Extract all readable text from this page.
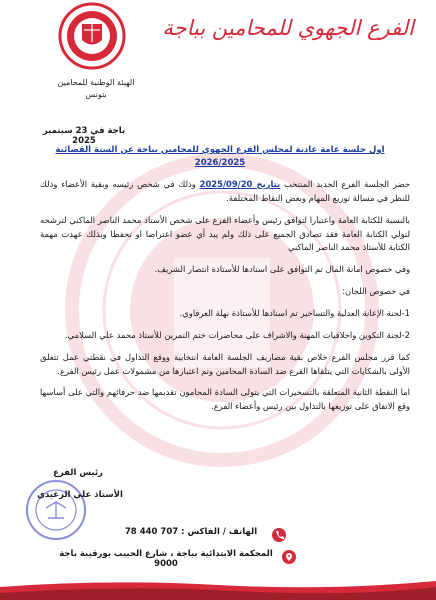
الفرع الجهوي للمحامين بباجة
الهيئة الوطنية للمحامين
بتونس
باجة في 23 سبتمبر 2025
اول جلسة عامة عادية لمجلس الفرع الجهوي للمحامين بباجة عن السنة القضائية 2026/2025

حضر الجلسة الفرع الجديد المنتخب بتاريخ 2025/09/20 وذلك في شخص رئيسه وبقية الأعضاء وذلك للنظر في مسالة توزيع المهام وبعض النقاط المختلفة.

بالنسبة للكتابة العامة واعتبارا لتوافق رئيس وأعضاء الفرع على شخص الأستاذ محمد الناصر الماكني لترشحه لتولي الكتابة العامة فقد تصادق الجميع على ذلك ولم يبد أي عضو اعتراضا او تحفظا وبذلك عهدت مهمة الكتابة للأستاذ محمد الناصر الماكني

وفي خصوص امانة المال تم التوافق على اسنادها للأستاذة انتصار الشريف.

في خصوص اللجان:

1-لجنة الإعانة العدلية والتساخير تم اسنادها للأستاذة نهلة العرفاوي.

2-لجنة التكوين واخلاقيات المهنة والاشراف على محاضرات ختم التمرين للأستاذ محمد علي السلامي.

كما قرر مجلس الفرع خلاص بقية مصاريف الجلسة العامة انتخابية ووقع التداول في نقطتي عمل تتعلق الأولى بالشكايات التي يتلقاها الفرع ضد السادة المحامين وتم اعتبارها من مشمولات عمل رئيس الفرع.

اما النقطة الثانية المتعلقة بالتسخيرات التي يتولى السادة المحامون تقديمها ضد حرفائهم والتي على أساسها وقع الاتفاق على توزيعها بالتداول بين رئيس وأعضاء الفرع.

رئيس الفرع
الأستاذ علي الزغيدي
الهاتف / الفاكس : 707 440 78
المحكمة الابتدائية بباجة ، شارع الحبيب بورقيبة باجة 9000
